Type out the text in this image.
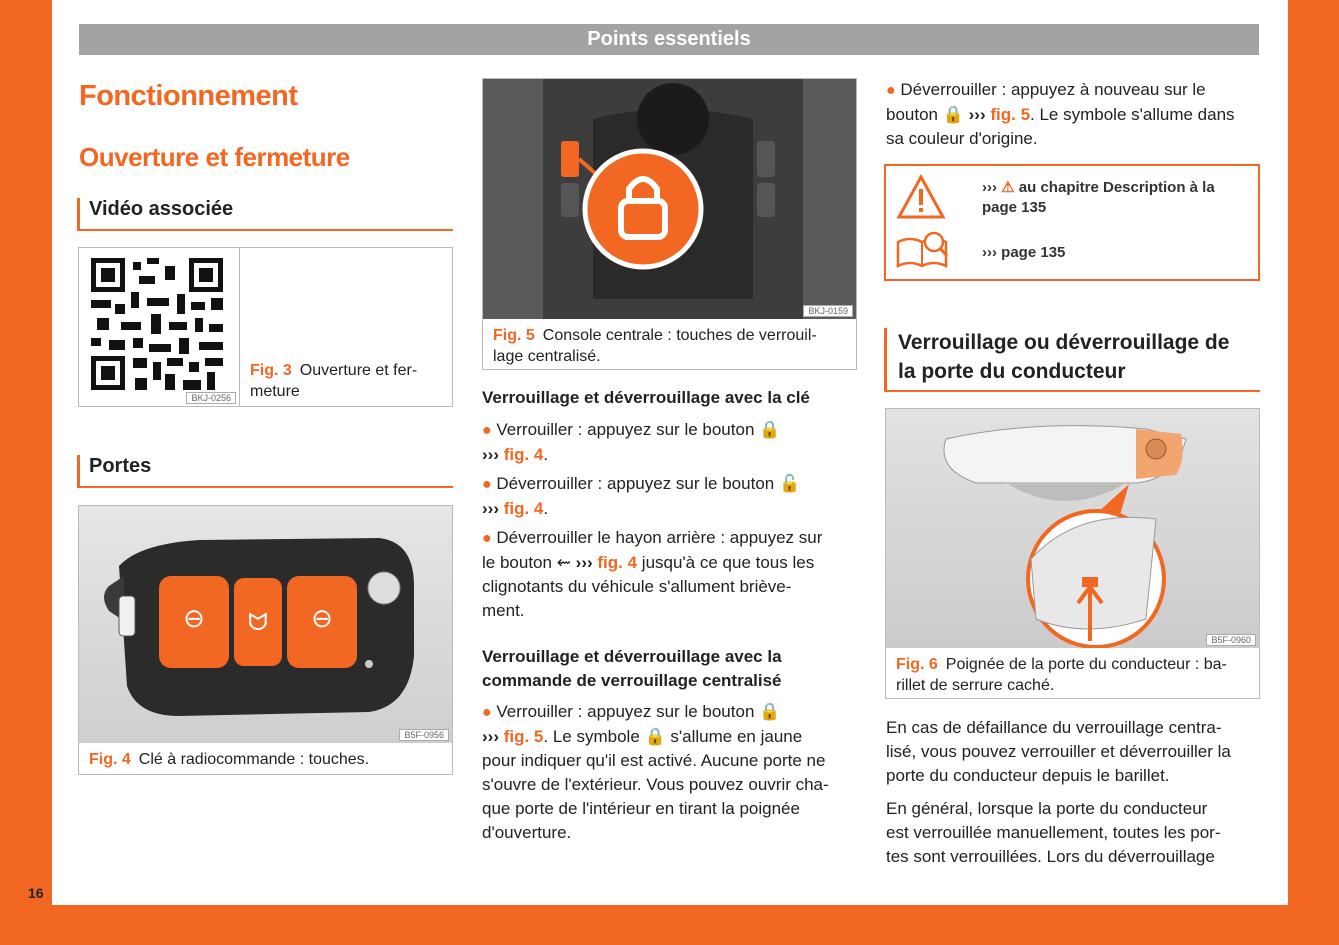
Points essentiels
Fonctionnement
Ouverture et fermeture
Vidéo associée
BKJ-0256
Fig. 3 Ouverture et fer-
meture
Portes
⊖ ᗢ ⊖
B5F-0956
Fig. 4 Clé à radiocommande : touches.
BKJ-0159
Fig. 5 Console centrale : touches de verrouil-
lage centralisé.
Verrouillage et déverrouillage avec la clé
● Verrouiller : appuyez sur le bouton 🔒
››› fig. 4.
● Déverrouiller : appuyez sur le bouton 🔓
››› fig. 4.
● Déverrouiller le hayon arrière : appuyez sur
le bouton ⇜ ››› fig. 4 jusqu'à ce que tous les
clignotants du véhicule s'allument briève-
ment.
Verrouillage et déverrouillage avec la
commande de verrouillage centralisé
● Verrouiller : appuyez sur le bouton 🔒
››› fig. 5. Le symbole 🔒 s'allume en jaune
pour indiquer qu'il est activé. Aucune porte ne
s'ouvre de l'extérieur. Vous pouvez ouvrir cha-
que porte de l'intérieur en tirant la poignée
d'ouverture.
● Déverrouiller : appuyez à nouveau sur le
bouton 🔒 ››› fig. 5. Le symbole s'allume dans
sa couleur d'origine.
››› ⚠ au chapitre Description à la
page 135
››› page 135
Verrouillage ou déverrouillage de
la porte du conducteur
B5F-0960
Fig. 6 Poignée de la porte du conducteur : ba-
rillet de serrure caché.
En cas de défaillance du verrouillage centra-
lisé, vous pouvez verrouiller et déverrouiller la
porte du conducteur depuis le barillet.
En général, lorsque la porte du conducteur
est verrouillée manuellement, toutes les por-
tes sont verrouillées. Lors du déverrouillage
16
